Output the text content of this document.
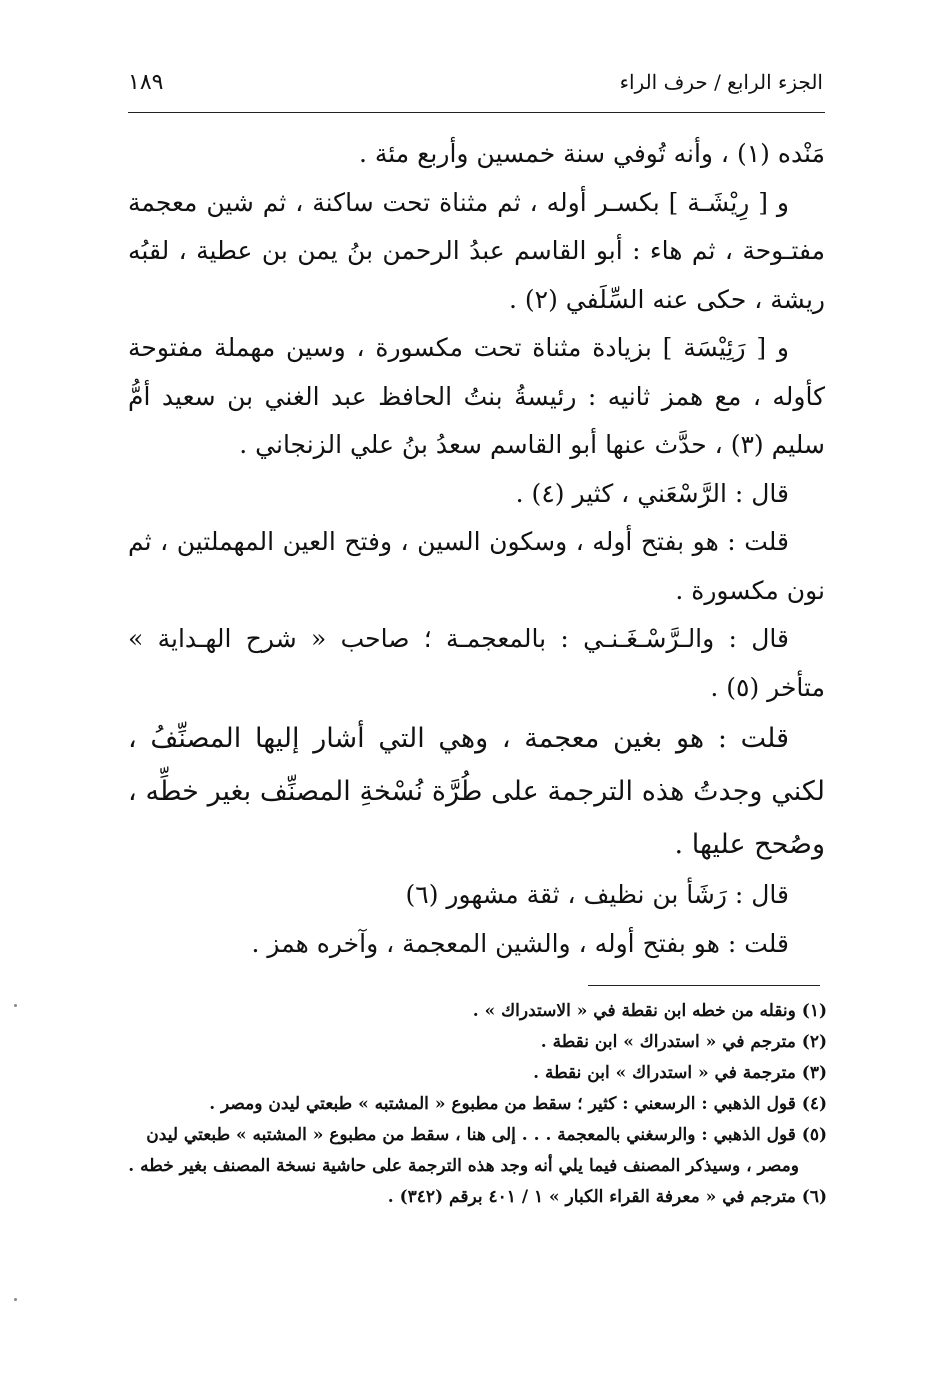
الجزء الرابع / حرف الراء
١٨٩

مَنْده (١) ، وأنه تُوفي سنة خمسين وأربع مئة .

و [ رِيْشَـة ] بكسـر أوله ، ثم مثناة تحت ساكنة ، ثم شين معجمة مفتـوحة ، ثم هاء : أبو القاسم عبدُ الرحمن بنُ يمن بن عطية ، لقبُه ريشة ، حكى عنه السِّلَفي (٢) .

و [ رَئِيْسَة ] بزيادة مثناة تحت مكسورة ، وسين مهملة مفتوحة كأوله ، مع همز ثانيه : رئيسةُ بنتُ الحافظ عبد الغني بن سعيد أمُّ سليم (٣) ، حدَّث عنها أبو القاسم سعدُ بنُ علي الزنجاني .

قال : الرَّسْعَني ، كثير (٤) .

قلت : هو بفتح أوله ، وسكون السين ، وفتح العين المهملتين ، ثم نون مكسورة .

قال : والـرَّسْـغَـنـي : بالمعجمـة ؛ صاحب « شرح الهـداية » متأخر (٥) .

قلت : هو بغين معجمة ، وهي التي أشار إليها المصنِّفُ ، لكني وجدتُ هذه الترجمة على طُرَّة نُسْخةِ المصنِّف بغير خطِّه ، وصُحح عليها .

قال : رَشَأ بن نظيف ، ثقة مشهور (٦)

قلت : هو بفتح أوله ، والشين المعجمة ، وآخره همز .

(١) ونقله من خطه ابن نقطة في « الاستدراك » .

(٢) مترجم في « استدراك » ابن نقطة .

(٣) مترجمة في « استدراك » ابن نقطة .

(٤) قول الذهبي : الرسعني : كثير ؛ سقط من مطبوع « المشتبه » طبعتي ليدن ومصر .

(٥) قول الذهبي : والرسغني بالمعجمة . . . إلى هنا ، سقط من مطبوع « المشتبه » طبعتي ليدن

ومصر ، وسيذكر المصنف فيما يلي أنه وجد هذه الترجمة على حاشية نسخة المصنف بغير خطه .

(٦) مترجم في « معرفة القراء الكبار » ١ / ٤٠١ برقم (٣٤٢) .
